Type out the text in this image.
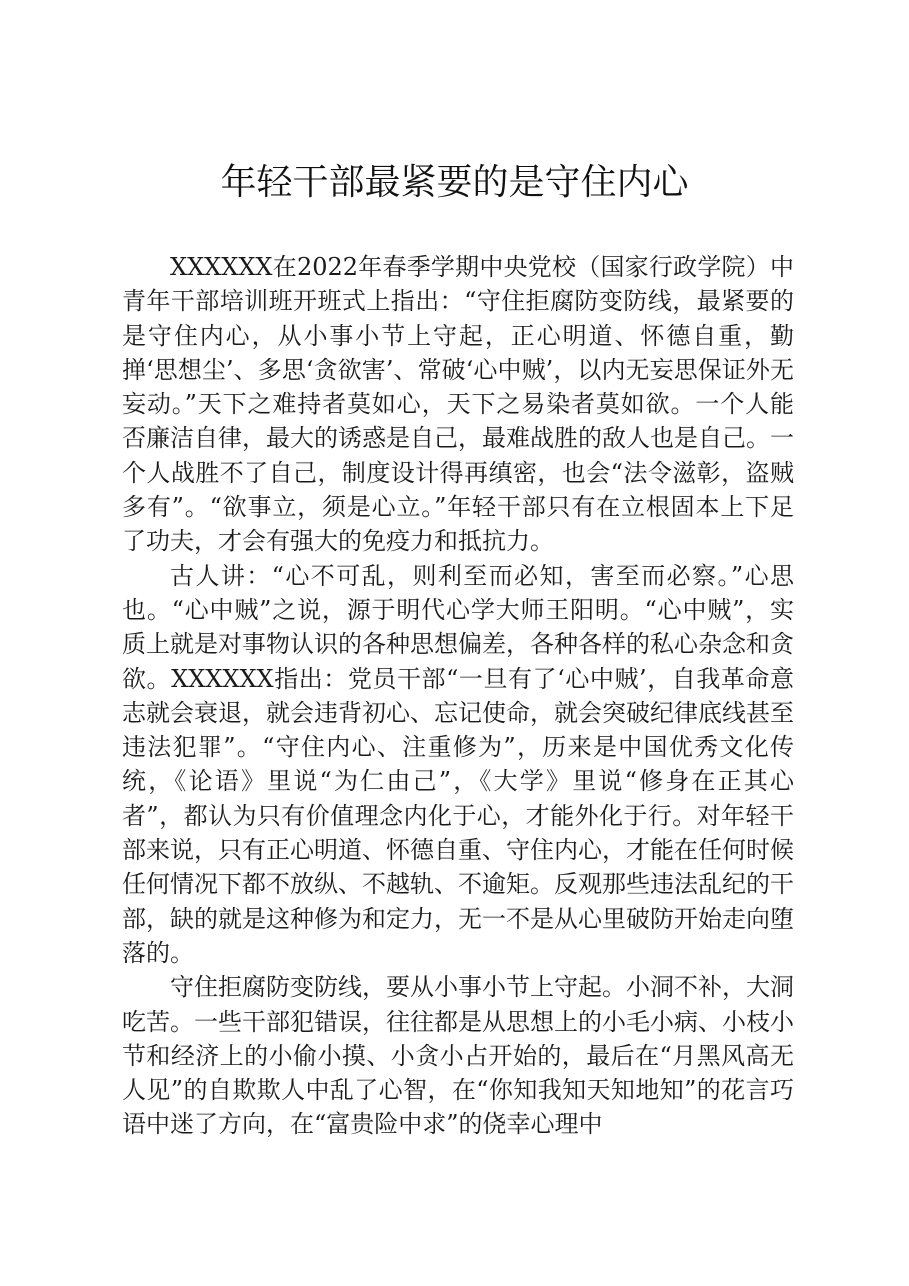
年轻干部最紧要的是守住内心

XXXXXX在2022年春季学期中央党校（国家行政学院）中青年干部培训班开班式上指出：“守住拒腐防变防线，最紧要的是守住内心，从小事小节上守起，正心明道、怀德自重，勤掸‘思想尘’、多思‘贪欲害’、常破‘心中贼’，以内无妄思保证外无妄动。”天下之难持者莫如心，天下之易染者莫如欲。一个人能否廉洁自律，最大的诱惑是自己，最难战胜的敌人也是自己。一个人战胜不了自己，制度设计得再缜密，也会“法令滋彰，盗贼多有”。“欲事立，须是心立。”年轻干部只有在立根固本上下足了功夫，才会有强大的免疫力和抵抗力。

古人讲：“心不可乱，则利至而必知，害至而必察。”心思也。“心中贼”之说，源于明代心学大师王阳明。“心中贼”，实质上就是对事物认识的各种思想偏差，各种各样的私心杂念和贪欲。XXXXXX指出：党员干部“一旦有了‘心中贼’，自我革命意志就会衰退，就会违背初心、忘记使命，就会突破纪律底线甚至违法犯罪”。“守住内心、注重修为”，历来是中国优秀文化传统，《论语》里说“为仁由己”，《大学》里说“修身在正其心者”，都认为只有价值理念内化于心，才能外化于行。对年轻干部来说，只有正心明道、怀德自重、守住内心，才能在任何时候任何情况下都不放纵、不越轨、不逾矩。反观那些违法乱纪的干部，缺的就是这种修为和定力，无一不是从心里破防开始走向堕落的。

守住拒腐防变防线，要从小事小节上守起。小洞不补，大洞吃苦。一些干部犯错误，往往都是从思想上的小毛小病、小枝小节和经济上的小偷小摸、小贪小占开始的，最后在“月黑风高无人见”的自欺欺人中乱了心智，在“你知我知天知地知”的花言巧语中迷了方向，在“富贵险中求”的侥幸心理中
